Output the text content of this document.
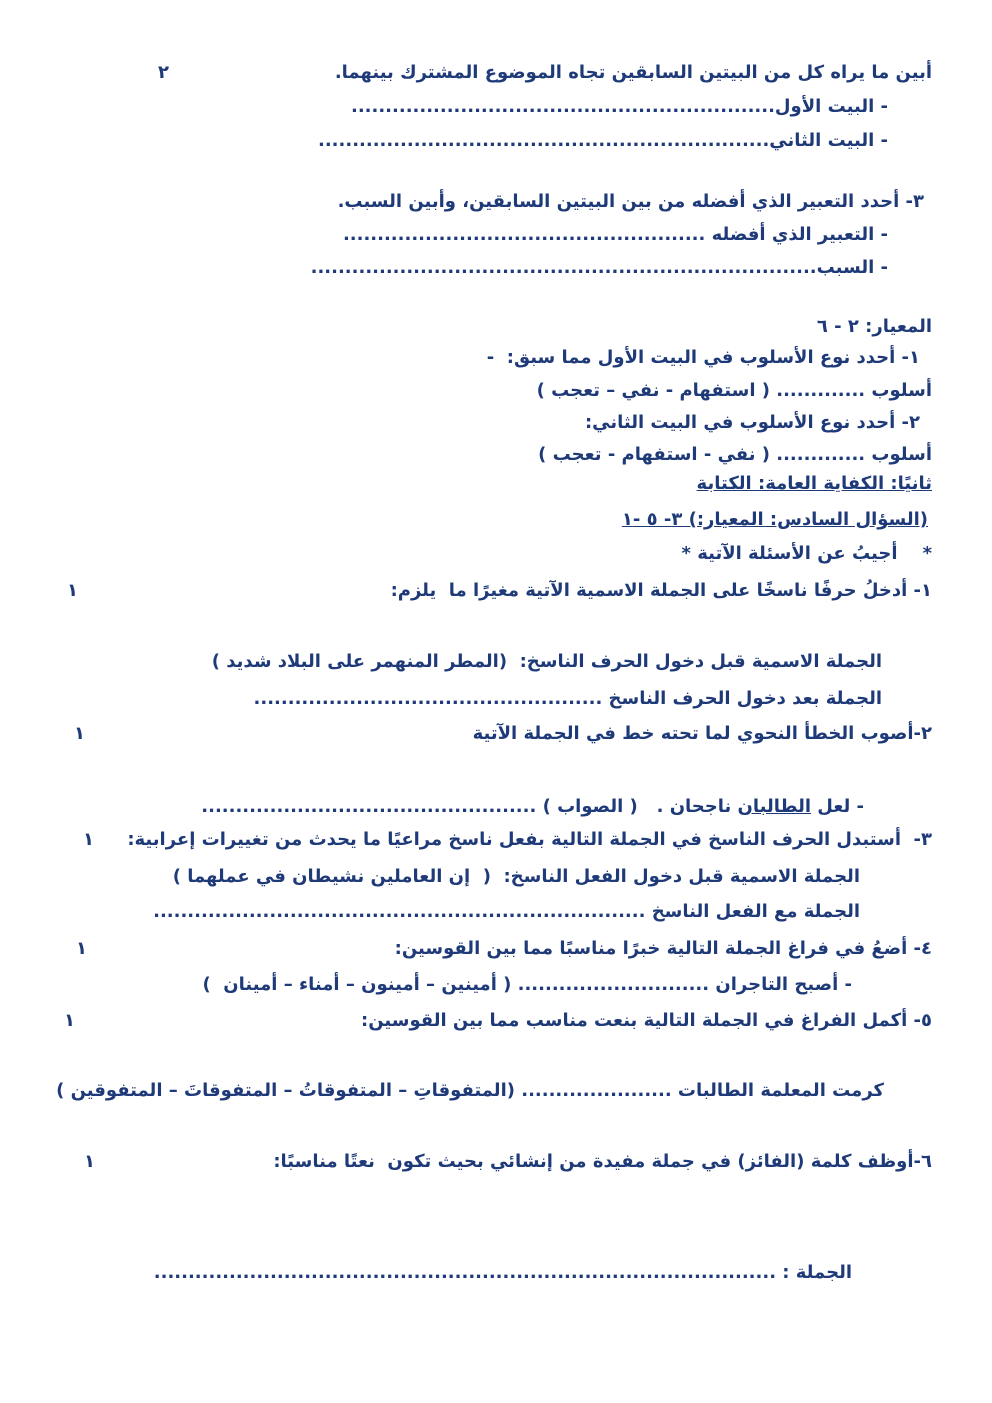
أبين ما يراه كل من البيتين السابقين تجاه الموضوع المشترك بينهما.
٢
- البيت الأول..............................................................
- البيت الثاني..................................................................
٣- أحدد التعبير الذي أفضله من بين البيتين السابقين، وأبين السبب.
- التعبير الذي أفضله .....................................................
- السبب..........................................................................
المعيار: ٢ - ٦
١- أحدد نوع الأسلوب في البيت الأول مما سبق:  -
أسلوب ............. ( استفهام - نفي – تعجب )
٢- أحدد نوع الأسلوب في البيت الثاني:
أسلوب ............. ( نفي - استفهام - تعجب )
ثانيًا: الكفاية العامة: الكتابة
(السؤال السادس: المعيار:) ٣- ٥ -١
*    أجيبُ عن الأسئلة الآتية *
١- أدخلُ حرفًا ناسخًا على الجملة الاسمية الآتية مغيرًا ما  يلزم:
١
الجملة الاسمية قبل دخول الحرف الناسخ:  (المطر المنهمر على البلاد شديد )
الجملة بعد دخول الحرف الناسخ ...................................................
٢-أصوب الخطأ النحوي لما تحته خط في الجملة الآتية
١
- لعل الطالبان ناجحان .   ( الصواب ) .................................................
٣-  أستبدل الحرف الناسخ في الجملة التالية بفعل ناسخ مراعيًا ما يحدث من تغييرات إعرابية:
١
الجملة الاسمية قبل دخول الفعل الناسخ:  (  إن العاملين نشيطان في عملهما )
الجملة مع الفعل الناسخ ........................................................................
٤- أضعُ في فراغ الجملة التالية خبرًا مناسبًا مما بين القوسين:
١
- أصبح التاجران ............................ ( أمينين – أمينون – أمناء – أمينان  )
٥- أكمل الفراغ في الجملة التالية بنعت مناسب مما بين القوسين:
١
كرمت المعلمة الطالبات ...................... (المتفوقاتِ – المتفوقاتُ – المتفوقاتَ – المتفوقين )
٦-أوظف كلمة (الفائز) في جملة مفيدة من إنشائي بحيث تكون  نعتًا مناسبًا:
١
الجملة : ...........................................................................................
